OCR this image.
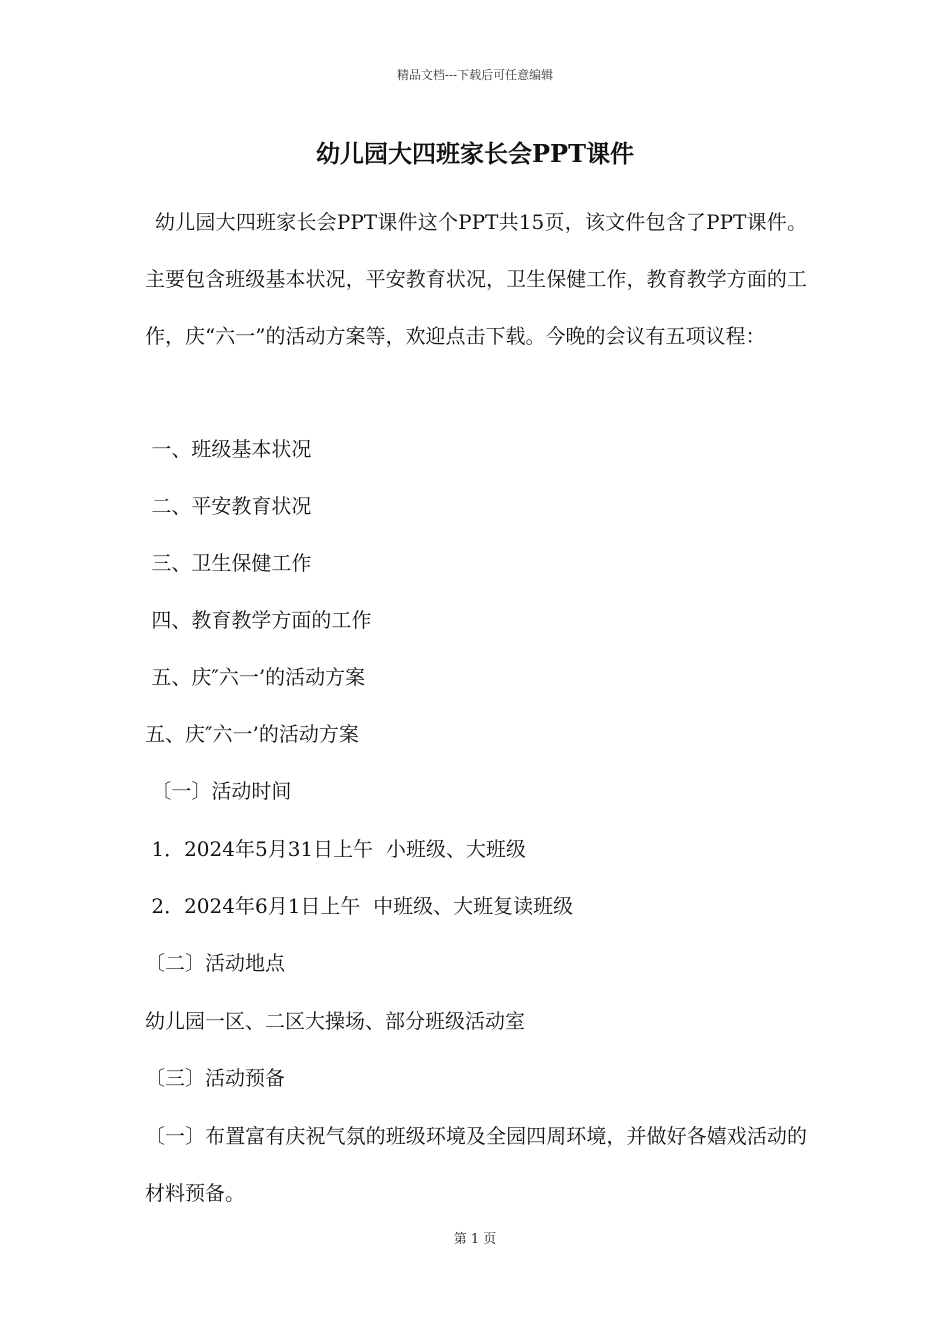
精品文档---下载后可任意编辑
幼儿园大四班家长会PPT课件
幼儿园大四班家长会PPT课件这个PPT共15页，该文件包含了PPT课件。主要包含班级基本状况，平安教育状况，卫生保健工作，教育教学方面的工作，庆“六一”的活动方案等，欢迎点击下载。今晚的会议有五项议程：
一、班级基本状况
二、平安教育状况
三、卫生保健工作
四、教育教学方面的工作
五、庆″六一’的活动方案
五、庆″六一’的活动方案
〔一〕活动时间
1．2024年5月31日上午  小班级、大班级
2．2024年6月1日上午  中班级、大班复读班级
〔二〕活动地点
幼儿园一区、二区大操场、部分班级活动室
〔三〕活动预备
〔一〕布置富有庆祝气氛的班级环境及全园四周环境，并做好各嬉戏活动的材料预备。
第 1 页
